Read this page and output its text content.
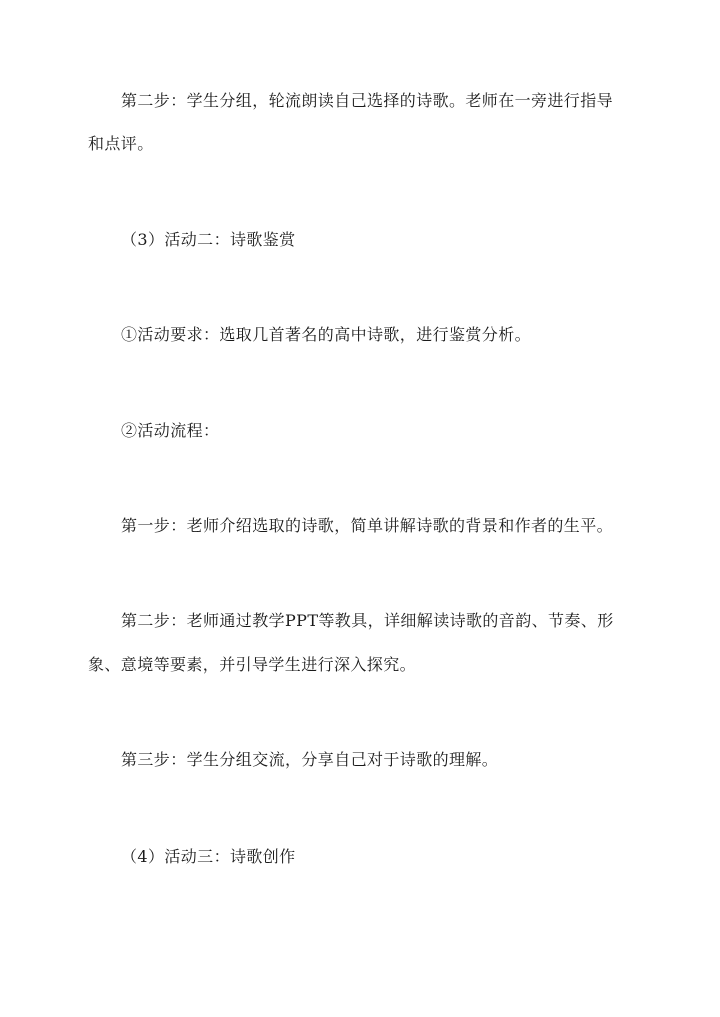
第二步：学生分组，轮流朗读自己选择的诗歌。老师在一旁进行指导
和点评。
（3）活动二：诗歌鉴赏
①活动要求：选取几首著名的高中诗歌，进行鉴赏分析。
②活动流程：
第一步：老师介绍选取的诗歌，简单讲解诗歌的背景和作者的生平。
第二步：老师通过教学PPT等教具，详细解读诗歌的音韵、节奏、形
象、意境等要素，并引导学生进行深入探究。
第三步：学生分组交流，分享自己对于诗歌的理解。
（4）活动三：诗歌创作
